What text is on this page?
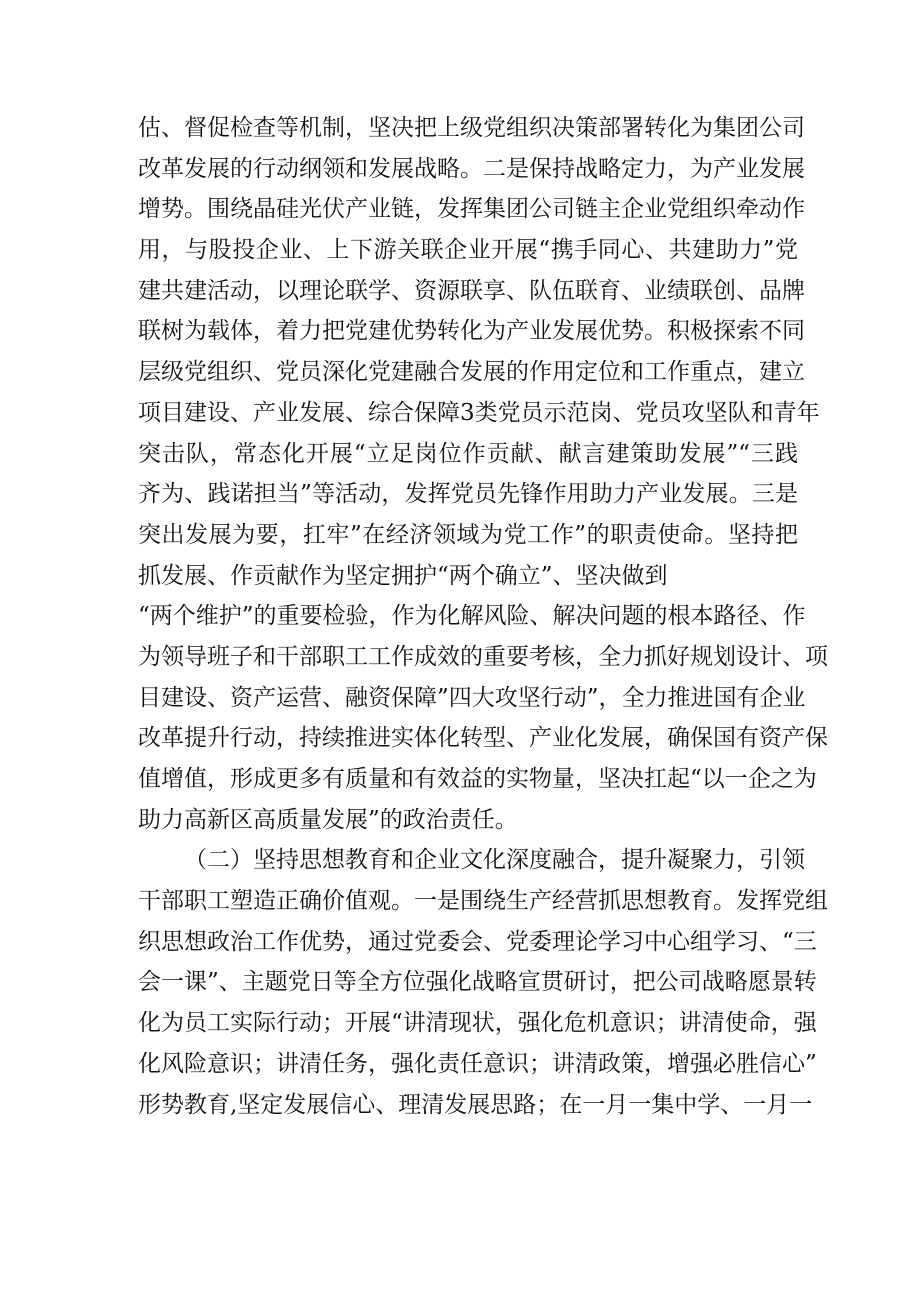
估、督促检查等机制，坚决把上级党组织决策部署转化为集团公司
改革发展的行动纲领和发展战略。二是保持战略定力，为产业发展
增势。围绕晶硅光伏产业链，发挥集团公司链主企业党组织牵动作
用，与股投企业、上下游关联企业开展“携手同心、共建助力”党
建共建活动，以理论联学、资源联享、队伍联育、业绩联创、品牌
联树为载体，着力把党建优势转化为产业发展优势。积极探索不同
层级党组织、党员深化党建融合发展的作用定位和工作重点，建立
项目建设、产业发展、综合保障3类党员示范岗、党员攻坚队和青年
突击队，常态化开展“立足岗位作贡献、献言建策助发展”“三践
齐为、践诺担当”等活动，发挥党员先锋作用助力产业发展。三是
突出发展为要，扛牢”在经济领域为党工作”的职责使命。坚持把
抓发展、作贡献作为坚定拥护“两个确立”、坚决做到
“两个维护”的重要检验，作为化解风险、解决问题的根本路径、作
为领导班子和干部职工工作成效的重要考核，全力抓好规划设计、项
目建设、资产运营、融资保障”四大攻坚行动”，全力推进国有企业
改革提升行动，持续推进实体化转型、产业化发展，确保国有资产保
值增值，形成更多有质量和有效益的实物量，坚决扛起“以一企之为
助力高新区高质量发展”的政治责任。
（二）坚持思想教育和企业文化深度融合，提升凝聚力，引领
干部职工塑造正确价值观。一是围绕生产经营抓思想教育。发挥党组
织思想政治工作优势，通过党委会、党委理论学习中心组学习、“三
会一课”、主题党日等全方位强化战略宣贯研讨，把公司战略愿景转
化为员工实际行动；开展“讲清现状，强化危机意识；讲清使命，强
化风险意识；讲清任务，强化责任意识；讲清政策，增强必胜信心”
形势教育,坚定发展信心、理清发展思路；在一月一集中学、一月一
